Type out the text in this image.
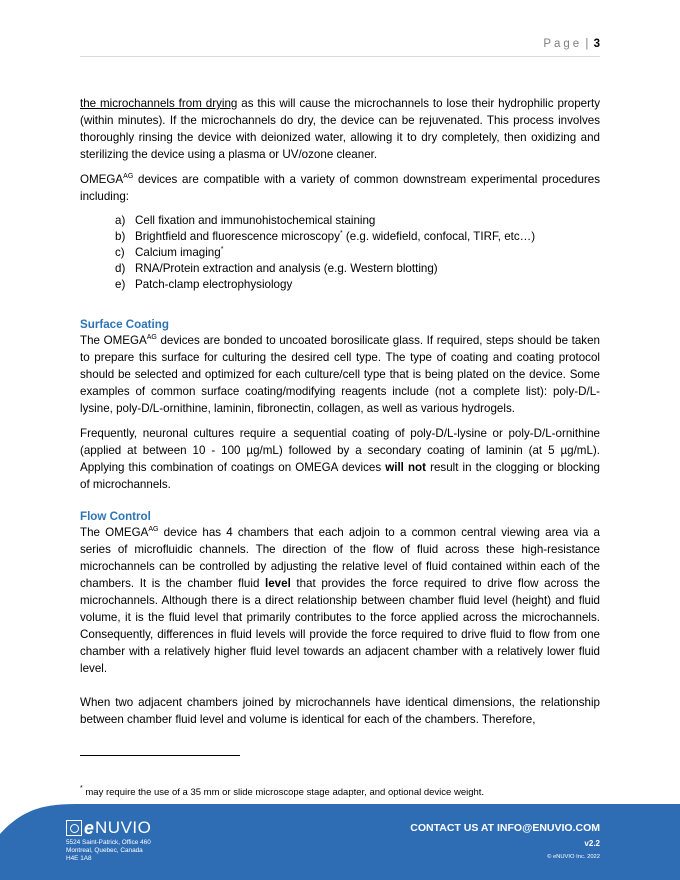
Page | 3

the microchannels from drying as this will cause the microchannels to lose their hydrophilic property (within minutes). If the microchannels do dry, the device can be rejuvenated. This process involves thoroughly rinsing the device with deionized water, allowing it to dry completely, then oxidizing and sterilizing the device using a plasma or UV/ozone cleaner.

$OMEGA^{AG}$ devices are compatible with a variety of common downstream experimental procedures including:

a) Cell fixation and immunohistochemical staining
b) Brightfield and fluorescence microscopy* (e.g. widefield, confocal, TIRF, etc…)
c) Calcium imaging*
d) RNA/Protein extraction and analysis (e.g. Western blotting)
e) Patch-clamp electrophysiology
Surface Coating

The $OMEGA^{AG}$ devices are bonded to uncoated borosilicate glass. If required, steps should be taken to prepare this surface for culturing the desired cell type. The type of coating and coating protocol should be selected and optimized for each culture/cell type that is being plated on the device. Some examples of common surface coating/modifying reagents include (not a complete list): poly-D/L-lysine, poly-D/L-ornithine, laminin, fibronectin, collagen, as well as various hydrogels.

Frequently, neuronal cultures require a sequential coating of poly-D/L-lysine or poly-D/L-ornithine (applied at between 10 - 100 µg/mL) followed by a secondary coating of laminin (at 5 µg/mL). Applying this combination of coatings on OMEGA devices will not result in the clogging or blocking of microchannels.

Flow Control

The $OMEGA^{AG}$ device has 4 chambers that each adjoin to a common central viewing area via a series of microfluidic channels. The direction of the flow of fluid across these high-resistance microchannels can be controlled by adjusting the relative level of fluid contained within each of the chambers. It is the chamber fluid level that provides the force required to drive flow across the microchannels. Although there is a direct relationship between chamber fluid level (height) and fluid volume, it is the fluid level that primarily contributes to the force applied across the microchannels. Consequently, differences in fluid levels will provide the force required to drive fluid to flow from one chamber with a relatively higher fluid level towards an adjacent chamber with a relatively lower fluid level.

When two adjacent chambers joined by microchannels have identical dimensions, the relationship between chamber fluid level and volume is identical for each of the chambers. Therefore,

* may require the use of a 35 mm or slide microscope stage adapter, and optional device weight.
e NUVIO
5524 Saint-Patrick, Office 460
Montreal, Quebec, Canada
H4E 1A8
CONTACT US AT INFO@ENUVIO.COM
v2.2
© eNUVIO Inc. 2022
